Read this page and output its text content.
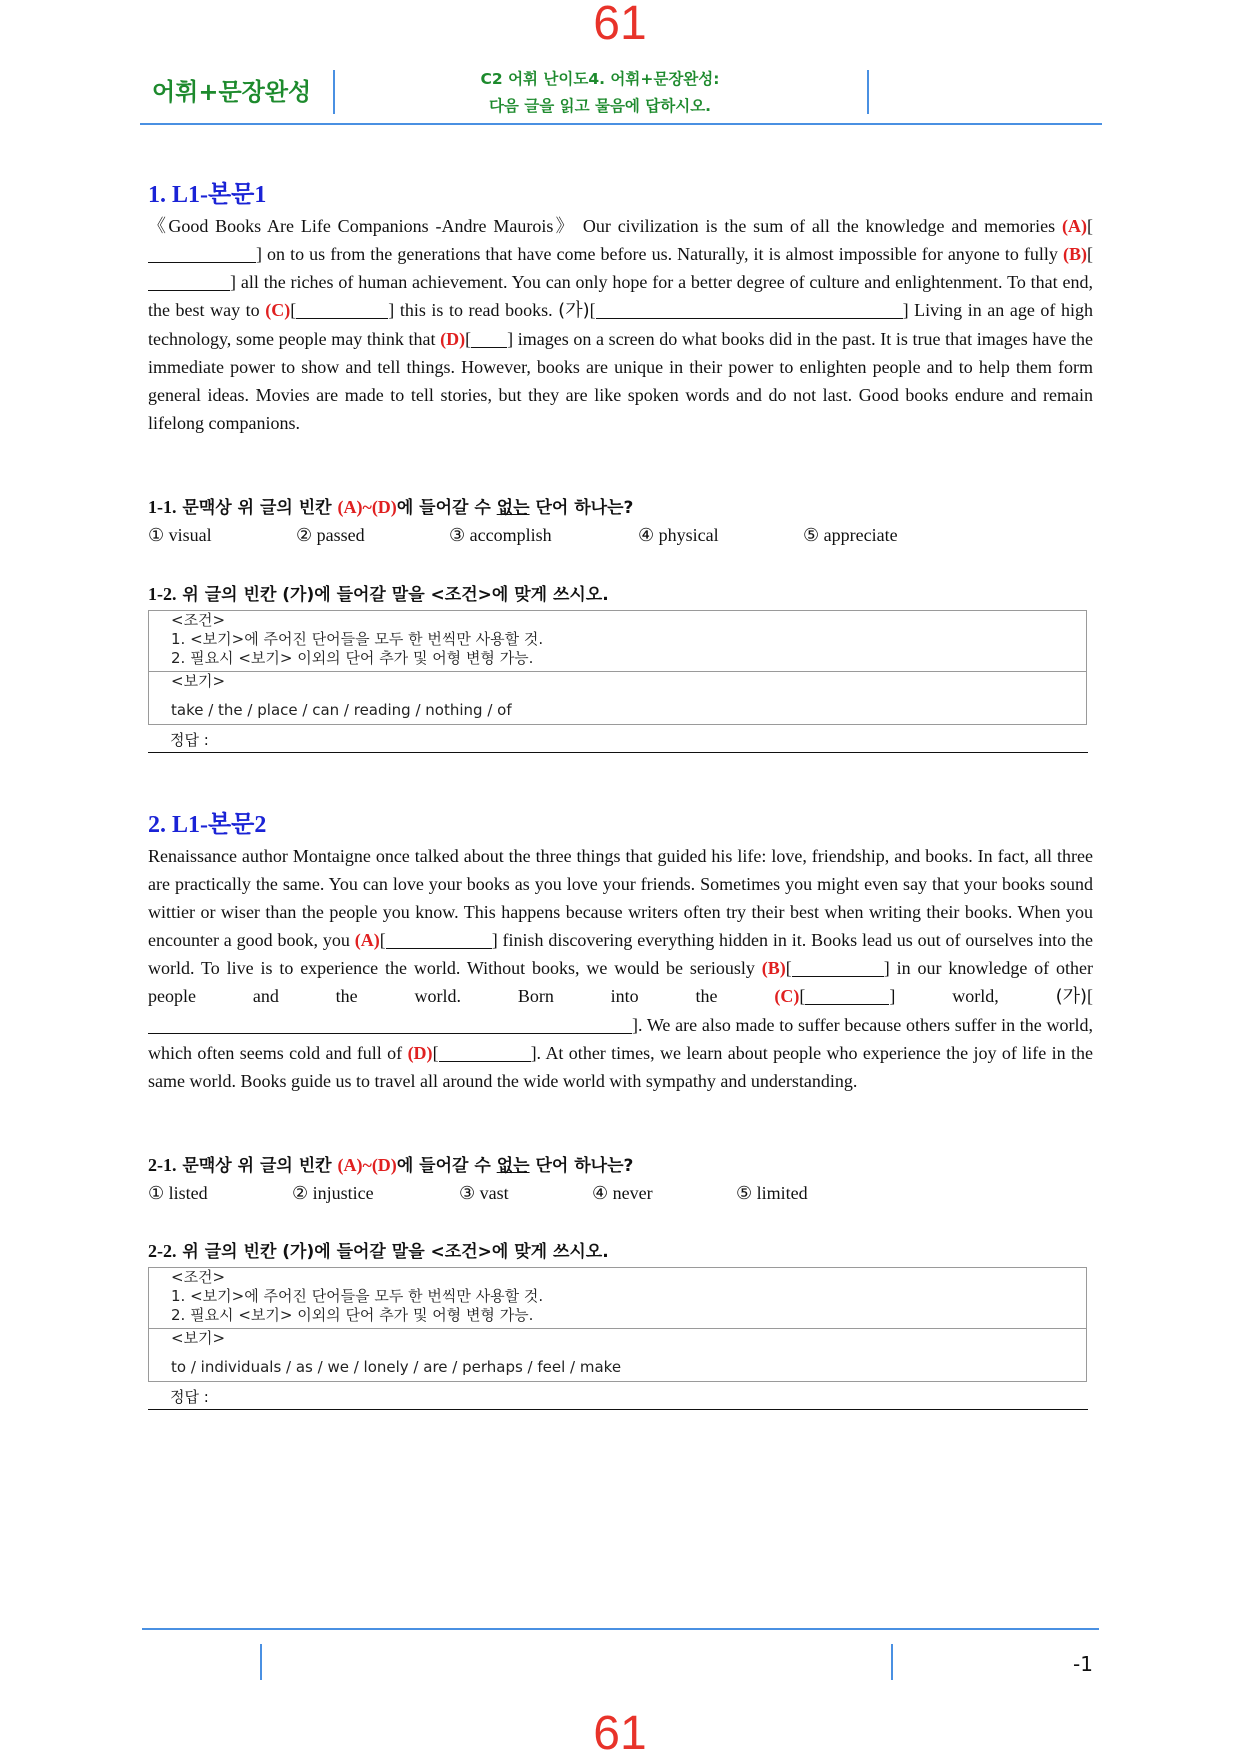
61
어휘+문장완성	C2 어휘 난이도4. 어휘+문장완성:
다음 글을 읽고 물음에 답하시오.
1. L1-본문1
《Good Books Are Life Companions -Andre Maurois》 Our civilization is the sum of all the knowledge and memories (A)[] on to us from the generations that have come before us. Naturally, it is almost impossible for anyone to fully (B)[] all the riches of human achievement. You can only hope for a better degree of culture and enlightenment. To that end, the best way to (C)[	] this is to read books. (가)[	] Living in an age of high technology, some people may think that (D)[ ] images on a screen do what books did in the past. It is true that images have the immediate power to show and tell things. However, books are unique in their power to enlighten people and to help them form general ideas. Movies are made to tell stories, but they are like spoken words and do not last. Good books endure and remain lifelong companions.
1-1. 문맥상 위 글의 빈칸 (A)~(D)에 들어갈 수 없는 단어 하나는?
① visual	② passed	③ accomplish	④ physical	⑤ appreciate
1-2. 위 글의 빈칸 (가)에 들어갈 말을 <조건>에 맞게 쓰시오.
<조건>
1. <보기>에 주어진 단어들을 모두 한 번씩만 사용할 것.
2. 필요시 <보기> 이외의 단어 추가 및 어형 변형 가능.
<보기>
take / the / place / can / reading / nothing / of
정답 :
2. L1-본문2
Renaissance author Montaigne once talked about the three things that guided his life: love, friendship, and books. In fact, all three are practically the same. You can love your books as you love your friends. Sometimes you might even say that your books sound wittier or wiser than the people you know. This happens because writers often try their best when writing their books. When you encounter a good book, you (A)[	] finish discovering everything hidden in it. Books lead us out of ourselves into the world. To live is to experience the world. Without books, we would be seriously (B)[	] in our knowledge of other people and the world. Born into the (C)[	] world, (가)[]. We are also made to suffer because others suffer in the world, which often seems cold and full of (D)[	]. At other times, we learn about people who experience the joy of life in the same world. Books guide us to travel all around the wide world with sympathy and understanding.
2-1. 문맥상 위 글의 빈칸 (A)~(D)에 들어갈 수 없는 단어 하나는?
① listed	② injustice	③ vast	④ never	⑤ limited
2-2. 위 글의 빈칸 (가)에 들어갈 말을 <조건>에 맞게 쓰시오.
<조건>
1. <보기>에 주어진 단어들을 모두 한 번씩만 사용할 것.
2. 필요시 <보기> 이외의 단어 추가 및 어형 변형 가능.
<보기>
to / individuals / as / we / lonely / are / perhaps / feel / make
정답 :
-1
61
